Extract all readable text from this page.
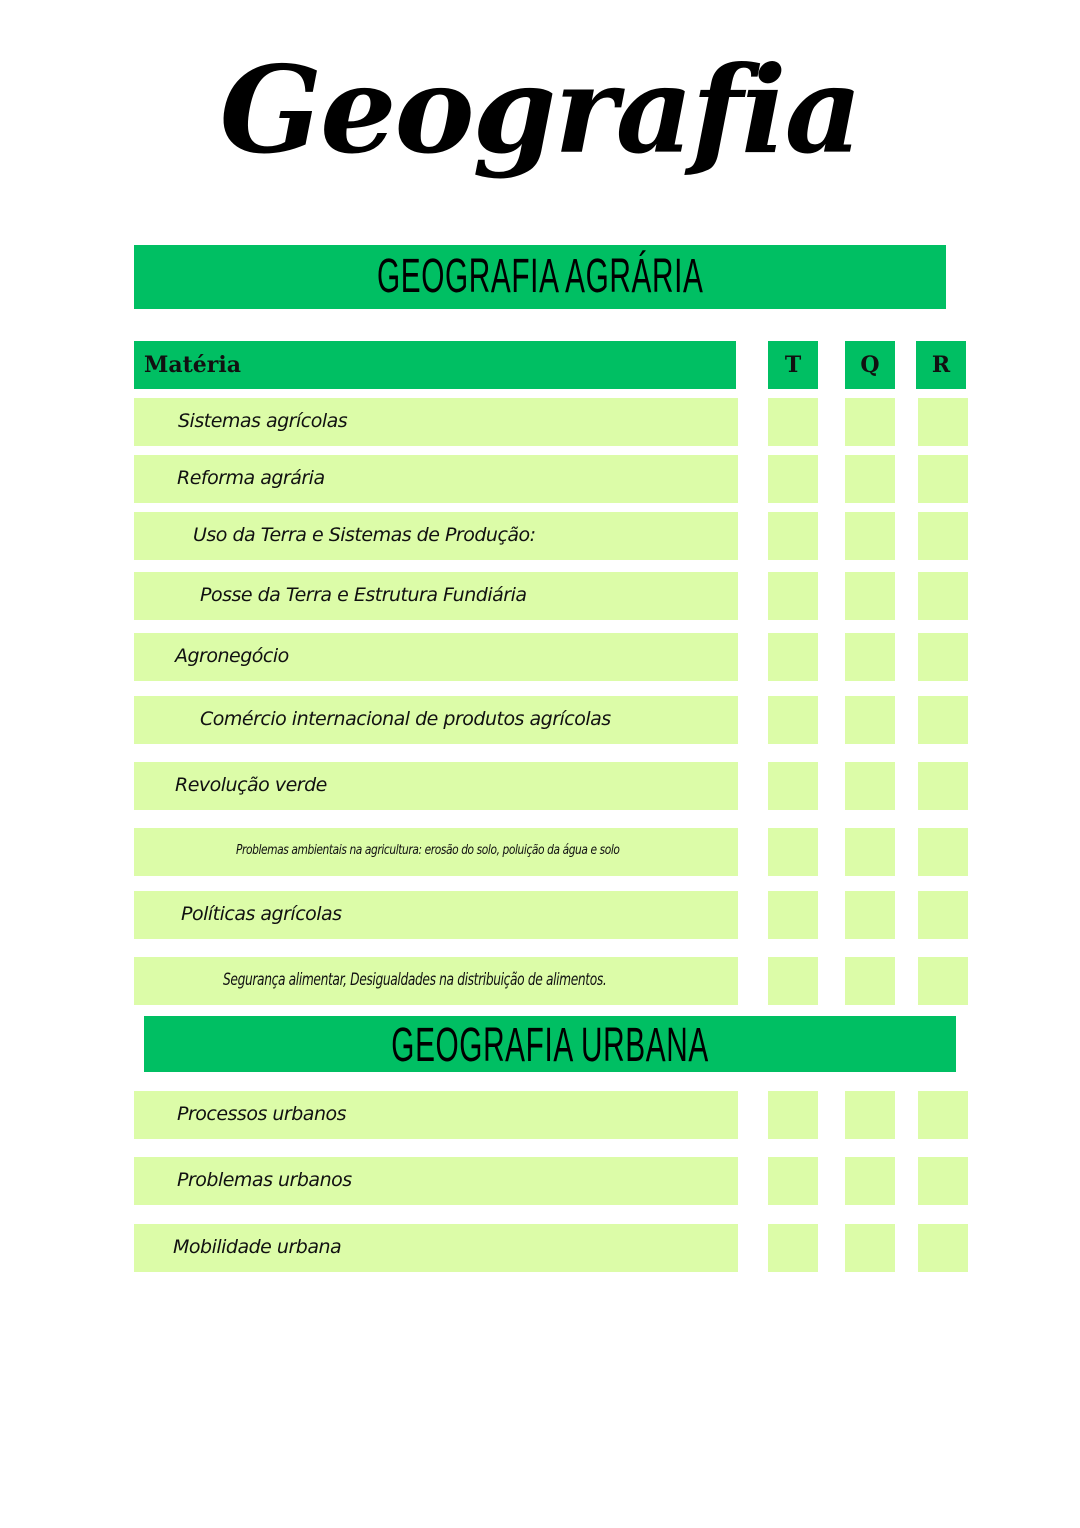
Geografia
GEOGRAFIA AGRÁRIA
Matéria	T	Q	R
Sistemas agrícolas
Reforma agrária
Uso da Terra e Sistemas de Produção:
Posse da Terra e Estrutura Fundiária
Agronegócio
Comércio internacional de produtos agrícolas
Revolução verde
Problemas ambientais na agricultura: erosão do solo, poluição da água e solo
Políticas agrícolas
Segurança alimentar, Desigualdades na distribuição de alimentos.
GEOGRAFIA URBANA
Processos urbanos
Problemas urbanos
Mobilidade urbana
